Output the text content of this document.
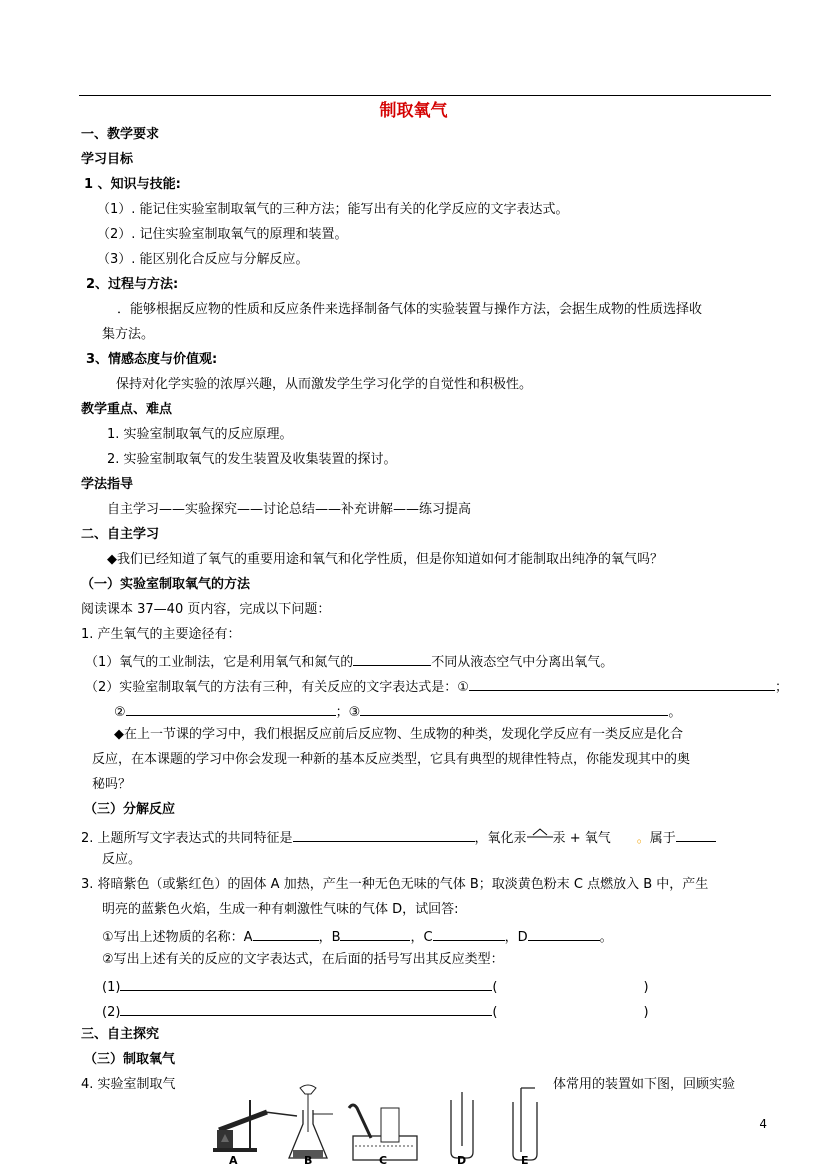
制取氧气
一、教学要求
学习目标
1 、知识与技能:
（1）. 能记住实验室制取氧气的三种方法；能写出有关的化学反应的文字表达式。
（2）. 记住实验室制取氧气的原理和装置。
（3）. 能区别化合反应与分解反应。
2、过程与方法:
．能够根据反应物的性质和反应条件来选择制备气体的实验装置与操作方法，会据生成物的性质选择收
集方法。
3、情感态度与价值观:
保持对化学实验的浓厚兴趣，从而激发学生学习化学的自觉性和积极性。
教学重点、难点
1. 实验室制取氧气的反应原理。
2. 实验室制取氧气的发生装置及收集装置的探讨。
学法指导
自主学习——实验探究——讨论总结——补充讲解——练习提高
二、自主学习
◆我们已经知道了氧气的重要用途和氧气和化学性质，但是你知道如何才能制取出纯净的氧气吗？
（一）实验室制取氧气的方法
阅读课本 37—40 页内容，完成以下问题：
1. 产生氧气的主要途径有：
（1）氧气的工业制法，它是利用氧气和氮气的	不同从液态空气中分离出氧气。
（2）实验室制取氧气的方法有三种，有关反应的文字表达式是：①	；
②	；③	。
◆在上一节课的学习中，我们根据反应前后反应物、生成物的种类，发现化学反应有一类反应是化合
反应，在本课题的学习中你会发现一种新的基本反应类型，它具有典型的规律性特点，你能发现其中的奥
秘吗？
（三）分解反应
2. 上题所写文字表达式的共同特征是	，氧化汞 汞 + 氧气 。属于
反应。
3. 将暗紫色（或紫红色）的固体 A 加热，产生一种无色无味的气体 B；取淡黄色粉末 C 点燃放入 B 中，产生
明亮的蓝紫色火焰，生成一种有刺激性气味的气体 D，试回答:
①写出上述物质的名称：A	，B	，C	，D	。
②写出上述有关的反应的文字表达式，在后面的括号写出其反应类型：
(1)	(	)
(2)	(	)
三、自主探究
（三）制取氧气
4. 实验室制取气	体常用的装置如下图，回顾实验
A	B	C	D	E
4
